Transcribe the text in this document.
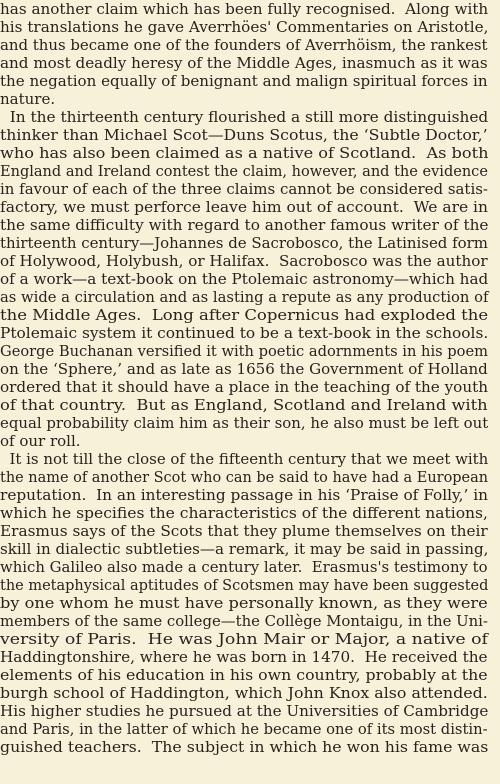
has another claim which has been fully recognised.  Along with
his translations he gave Averrhöes' Commentaries on Aristotle,
and thus became one of the founders of Averrhöism, the rankest
and most deadly heresy of the Middle Ages, inasmuch as it was
the negation equally of benignant and malign spiritual forces in
nature.
In the thirteenth century flourished a still more distinguished
thinker than Michael Scot—Duns Scotus, the ‘Subtle Doctor,’
who has also been claimed as a native of Scotland.  As both
England and Ireland contest the claim, however, and the evidence
in favour of each of the three claims cannot be considered satis-
factory, we must perforce leave him out of account.  We are in
the same difficulty with regard to another famous writer of the
thirteenth century—Johannes de Sacrobosco, the Latinised form
of Holywood, Holybush, or Halifax.  Sacrobosco was the author
of a work—a text-book on the Ptolemaic astronomy—which had
as wide a circulation and as lasting a repute as any production of
the Middle Ages.  Long after Copernicus had exploded the
Ptolemaic system it continued to be a text-book in the schools.
George Buchanan versified it with poetic adornments in his poem
on the ‘Sphere,’ and as late as 1656 the Government of Holland
ordered that it should have a place in the teaching of the youth
of that country.  But as England, Scotland and Ireland with
equal probability claim him as their son, he also must be left out
of our roll.
It is not till the close of the fifteenth century that we meet with
the name of another Scot who can be said to have had a European
reputation.  In an interesting passage in his ‘Praise of Folly,’ in
which he specifies the characteristics of the different nations,
Erasmus says of the Scots that they plume themselves on their
skill in dialectic subtleties—a remark, it may be said in passing,
which Galileo also made a century later.  Erasmus's testimony to
the metaphysical aptitudes of Scotsmen may have been suggested
by one whom he must have personally known, as they were
members of the same college—the Collège Montaigu, in the Uni-
versity of Paris.  He was John Mair or Major, a native of
Haddingtonshire, where he was born in 1470.  He received the
elements of his education in his own country, probably at the
burgh school of Haddington, which John Knox also attended.
His higher studies he pursued at the Universities of Cambridge
and Paris, in the latter of which he became one of its most distin-
guished teachers.  The subject in which he won his fame was
